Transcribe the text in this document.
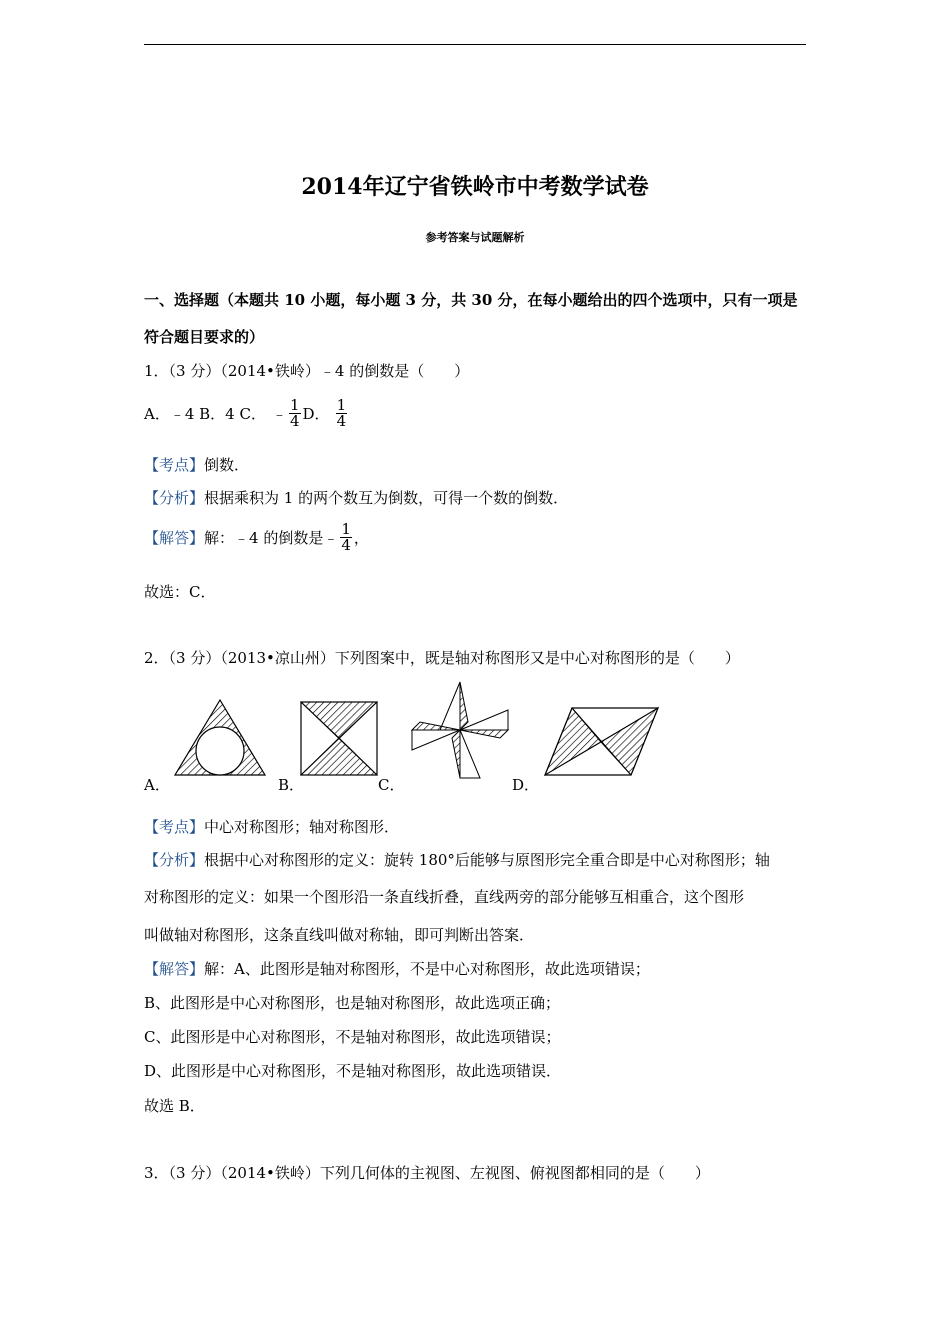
2014年辽宁省铁岭市中考数学试卷
参考答案与试题解析
一、选择题（本题共 10 小题，每小题 3 分，共 30 分，在每小题给出的四个选项中，只有一项是
符合题目要求的）
1．（3 分）（2014•铁岭）﹣4 的倒数是（　　）
A．﹣4 B．4 C． ﹣ $\frac{1}{4}$ D． $\frac{1}{4}$
【考点】倒数．
【分析】根据乘积为 1 的两个数互为倒数，可得一个数的倒数．
【解答】 解：﹣4 的倒数是﹣ $\frac{1}{4}$ ，
故选：C．
2．（3 分）（2013•凉山州）下列图案中，既是轴对称图形又是中心对称图形的是（　　）
A．	B．	C．	D．
【考点】中心对称图形；轴对称图形．
【分析】根据中心对称图形的定义：旋转 180°后能够与原图形完全重合即是中心对称图形；轴
对称图形的定义：如果一个图形沿一条直线折叠，直线两旁的部分能够互相重合，这个图形
叫做轴对称图形，这条直线叫做对称轴，即可判断出答案．
【解答】解：A、此图形是轴对称图形，不是中心对称图形，故此选项错误；
B、此图形是中心对称图形，也是轴对称图形，故此选项正确；
C、此图形是中心对称图形，不是轴对称图形，故此选项错误；
D、此图形是中心对称图形，不是轴对称图形，故此选项错误．
故选 B．
3．（3 分）（2014•铁岭）下列几何体的主视图、左视图、俯视图都相同的是（　　）
